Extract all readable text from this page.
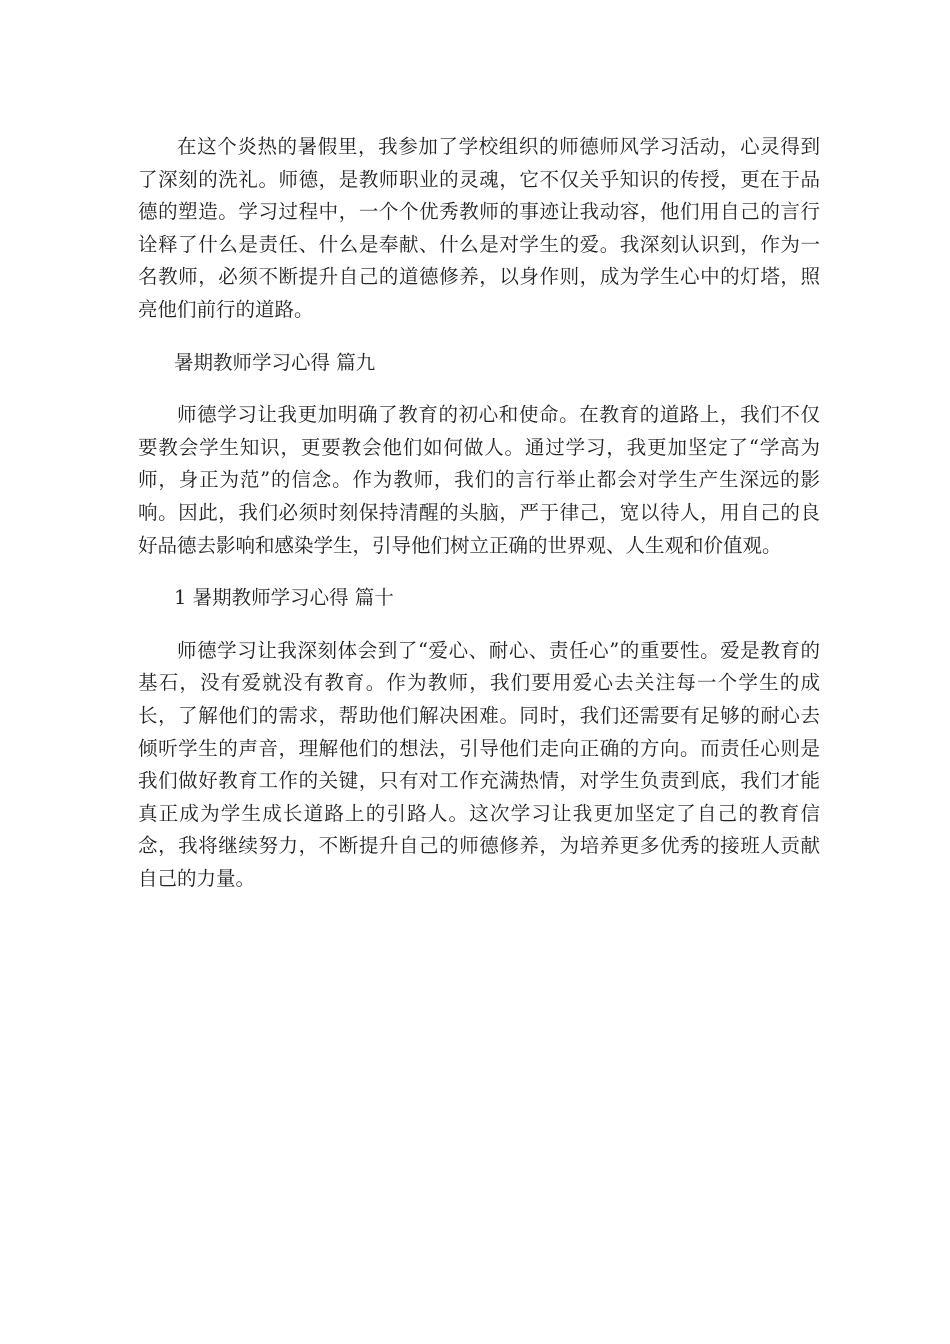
在这个炎热的暑假里，我参加了学校组织的师德师风学习活动，心灵得到了深刻的洗礼。师德，是教师职业的灵魂，它不仅关乎知识的传授，更在于品德的塑造。学习过程中，一个个优秀教师的事迹让我动容，他们用自己的言行诠释了什么是责任、什么是奉献、什么是对学生的爱。我深刻认识到，作为一名教师，必须不断提升自己的道德修养，以身作则，成为学生心中的灯塔，照亮他们前行的道路。

暑期教师学习心得 篇九

师德学习让我更加明确了教育的初心和使命。在教育的道路上，我们不仅要教会学生知识，更要教会他们如何做人。通过学习，我更加坚定了“学高为师，身正为范”的信念。作为教师，我们的言行举止都会对学生产生深远的影响。因此，我们必须时刻保持清醒的头脑，严于律己，宽以待人，用自己的良好品德去影响和感染学生，引导他们树立正确的世界观、人生观和价值观。

1 暑期教师学习心得 篇十

师德学习让我深刻体会到了“爱心、耐心、责任心”的重要性。爱是教育的基石，没有爱就没有教育。作为教师，我们要用爱心去关注每一个学生的成长，了解他们的需求，帮助他们解决困难。同时，我们还需要有足够的耐心去倾听学生的声音，理解他们的想法，引导他们走向正确的方向。而责任心则是我们做好教育工作的关键，只有对工作充满热情，对学生负责到底，我们才能真正成为学生成长道路上的引路人。这次学习让我更加坚定了自己的教育信念，我将继续努力，不断提升自己的师德修养，为培养更多优秀的接班人贡献自己的力量。
